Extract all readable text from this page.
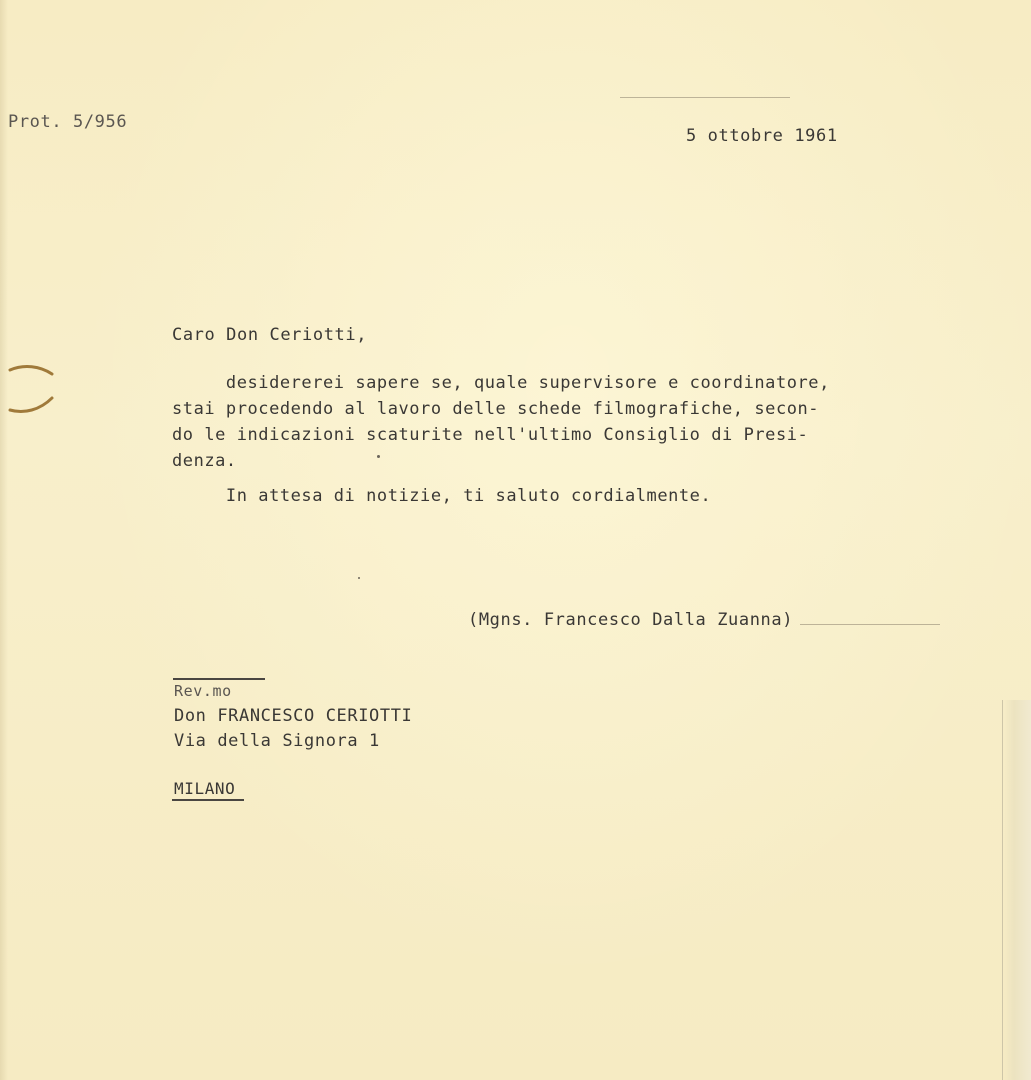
Prot. 5/956
5 ottobre 1961
Caro Don Ceriotti,
desidererei sapere se, quale supervisore e coordinatore,
stai procedendo al lavoro delle schede filmografiche, secon-
do le indicazioni scaturite nell'ultimo Consiglio di Presi-
denza.
In attesa di notizie, ti saluto cordialmente.
(Mgns. Francesco Dalla Zuanna)
Rev.mo
Don FRANCESCO CERIOTTI
Via della Signora 1
MILANO
